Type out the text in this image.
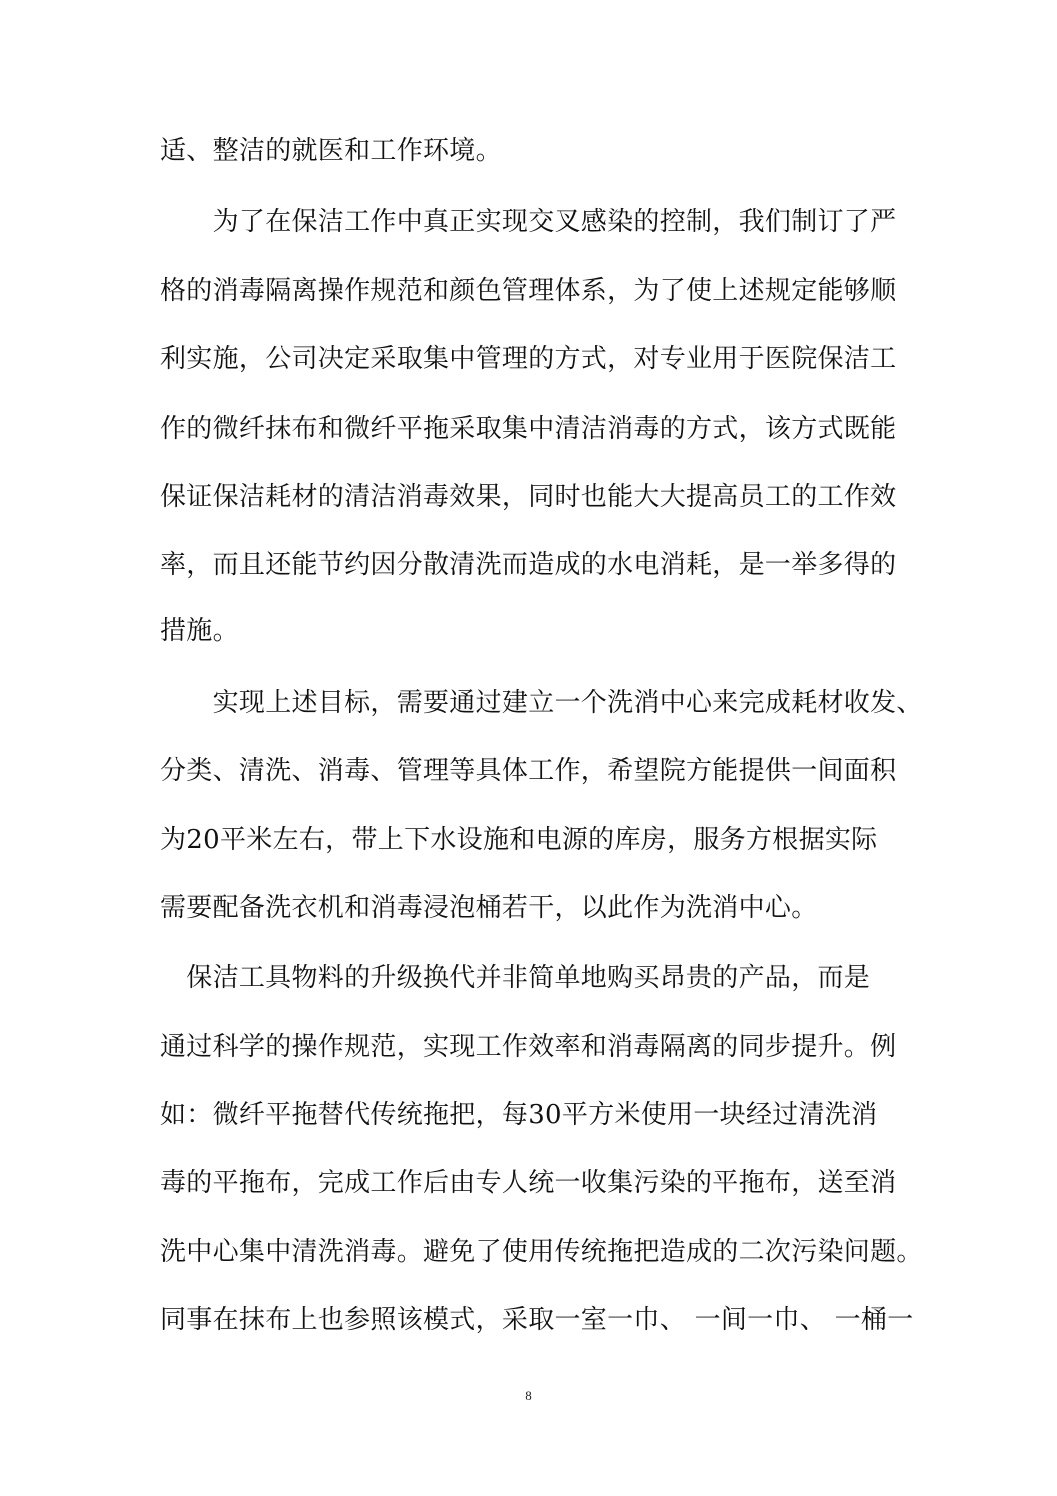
适、整洁的就医和工作环境。
　　为了在保洁工作中真正实现交叉感染的控制，我们制订了严
格的消毒隔离操作规范和颜色管理体系，为了使上述规定能够顺
利实施，公司决定采取集中管理的方式，对专业用于医院保洁工
作的微纤抹布和微纤平拖采取集中清洁消毒的方式，该方式既能
保证保洁耗材的清洁消毒效果，同时也能大大提高员工的工作效
率，而且还能节约因分散清洗而造成的水电消耗，是一举多得的
措施。
　　实现上述目标，需要通过建立一个洗消中心来完成耗材收发、
分类、清洗、消毒、管理等具体工作，希望院方能提供一间面积
为20平米左右，带上下水设施和电源的库房，服务方根据实际
需要配备洗衣机和消毒浸泡桶若干，以此作为洗消中心。
　保洁工具物料的升级换代并非简单地购买昂贵的产品，而是
通过科学的操作规范，实现工作效率和消毒隔离的同步提升。例
如：微纤平拖替代传统拖把，每30平方米使用一块经过清洗消
毒的平拖布，完成工作后由专人统一收集污染的平拖布，送至消
洗中心集中清洗消毒。避免了使用传统拖把造成的二次污染问题。
同事在抹布上也参照该模式，采取一室一巾、 一间一巾、 一桶一
8
